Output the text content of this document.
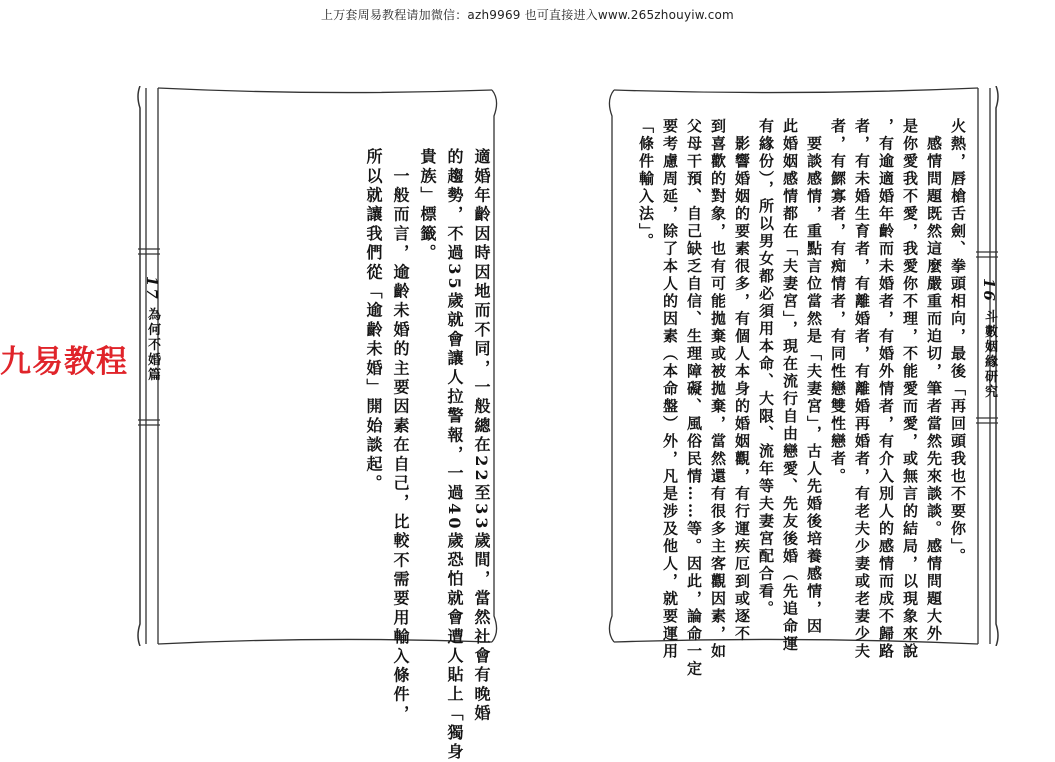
上万套周易教程请加微信：azh9969 也可直接进入www.265zhouyiw.com
17 為何不婚篇	適婚年齡因時因地而不同，一般總在22至33歲間，當然社會有晚婚

的趨勢，不過35歲就會讓人拉警報，一過40歲恐怕就會遭人貼上「獨身

貴族」標籤。

　一般而言，逾齡未婚的主要因素在自己，比較不需要用輸入條件，

所以就讓我們從「逾齡未婚」開始談起。	16 斗數姻緣研究

火熱，唇槍舌劍、拳頭相向，最後「再回頭我也不要你」。

　感情問題既然這麼嚴重而迫切，筆者當然先來談談。感情問題大外

是你愛我不愛，我愛你不理，不能愛而愛，或無言的結局，以現象來說

，有逾適婚年齡而未婚者，有婚外情者，有介入別人的感情而成不歸路

者，有未婚生育者，有離婚者，有離婚再婚者，有老夫少妻或老妻少夫

者，有鰥寡者，有痴情者，有同性戀雙性戀者。

　要談感情，重點言位當然是「夫妻宮」，古人先婚後培養感情，因

此婚姻感情都在「夫妻宮」，現在流行自由戀愛、先友後婚（先追命運

有緣份），所以男女都必須用本命、大限、流年等夫妻宮配合看。

　影響婚姻的要素很多，有個人本身的婚姻觀，有行運疾厄到或逐不

到喜歡的對象，也有可能拋棄或被拋棄，當然還有很多主客觀因素，如

父母干預、自己缺乏自信、生理障礙、風俗民情……等。因此，論命一定

要考慮周延，除了本人的因素（本命盤）外，凡是涉及他人，就要運用

「條件輸入法」。

九易教程
